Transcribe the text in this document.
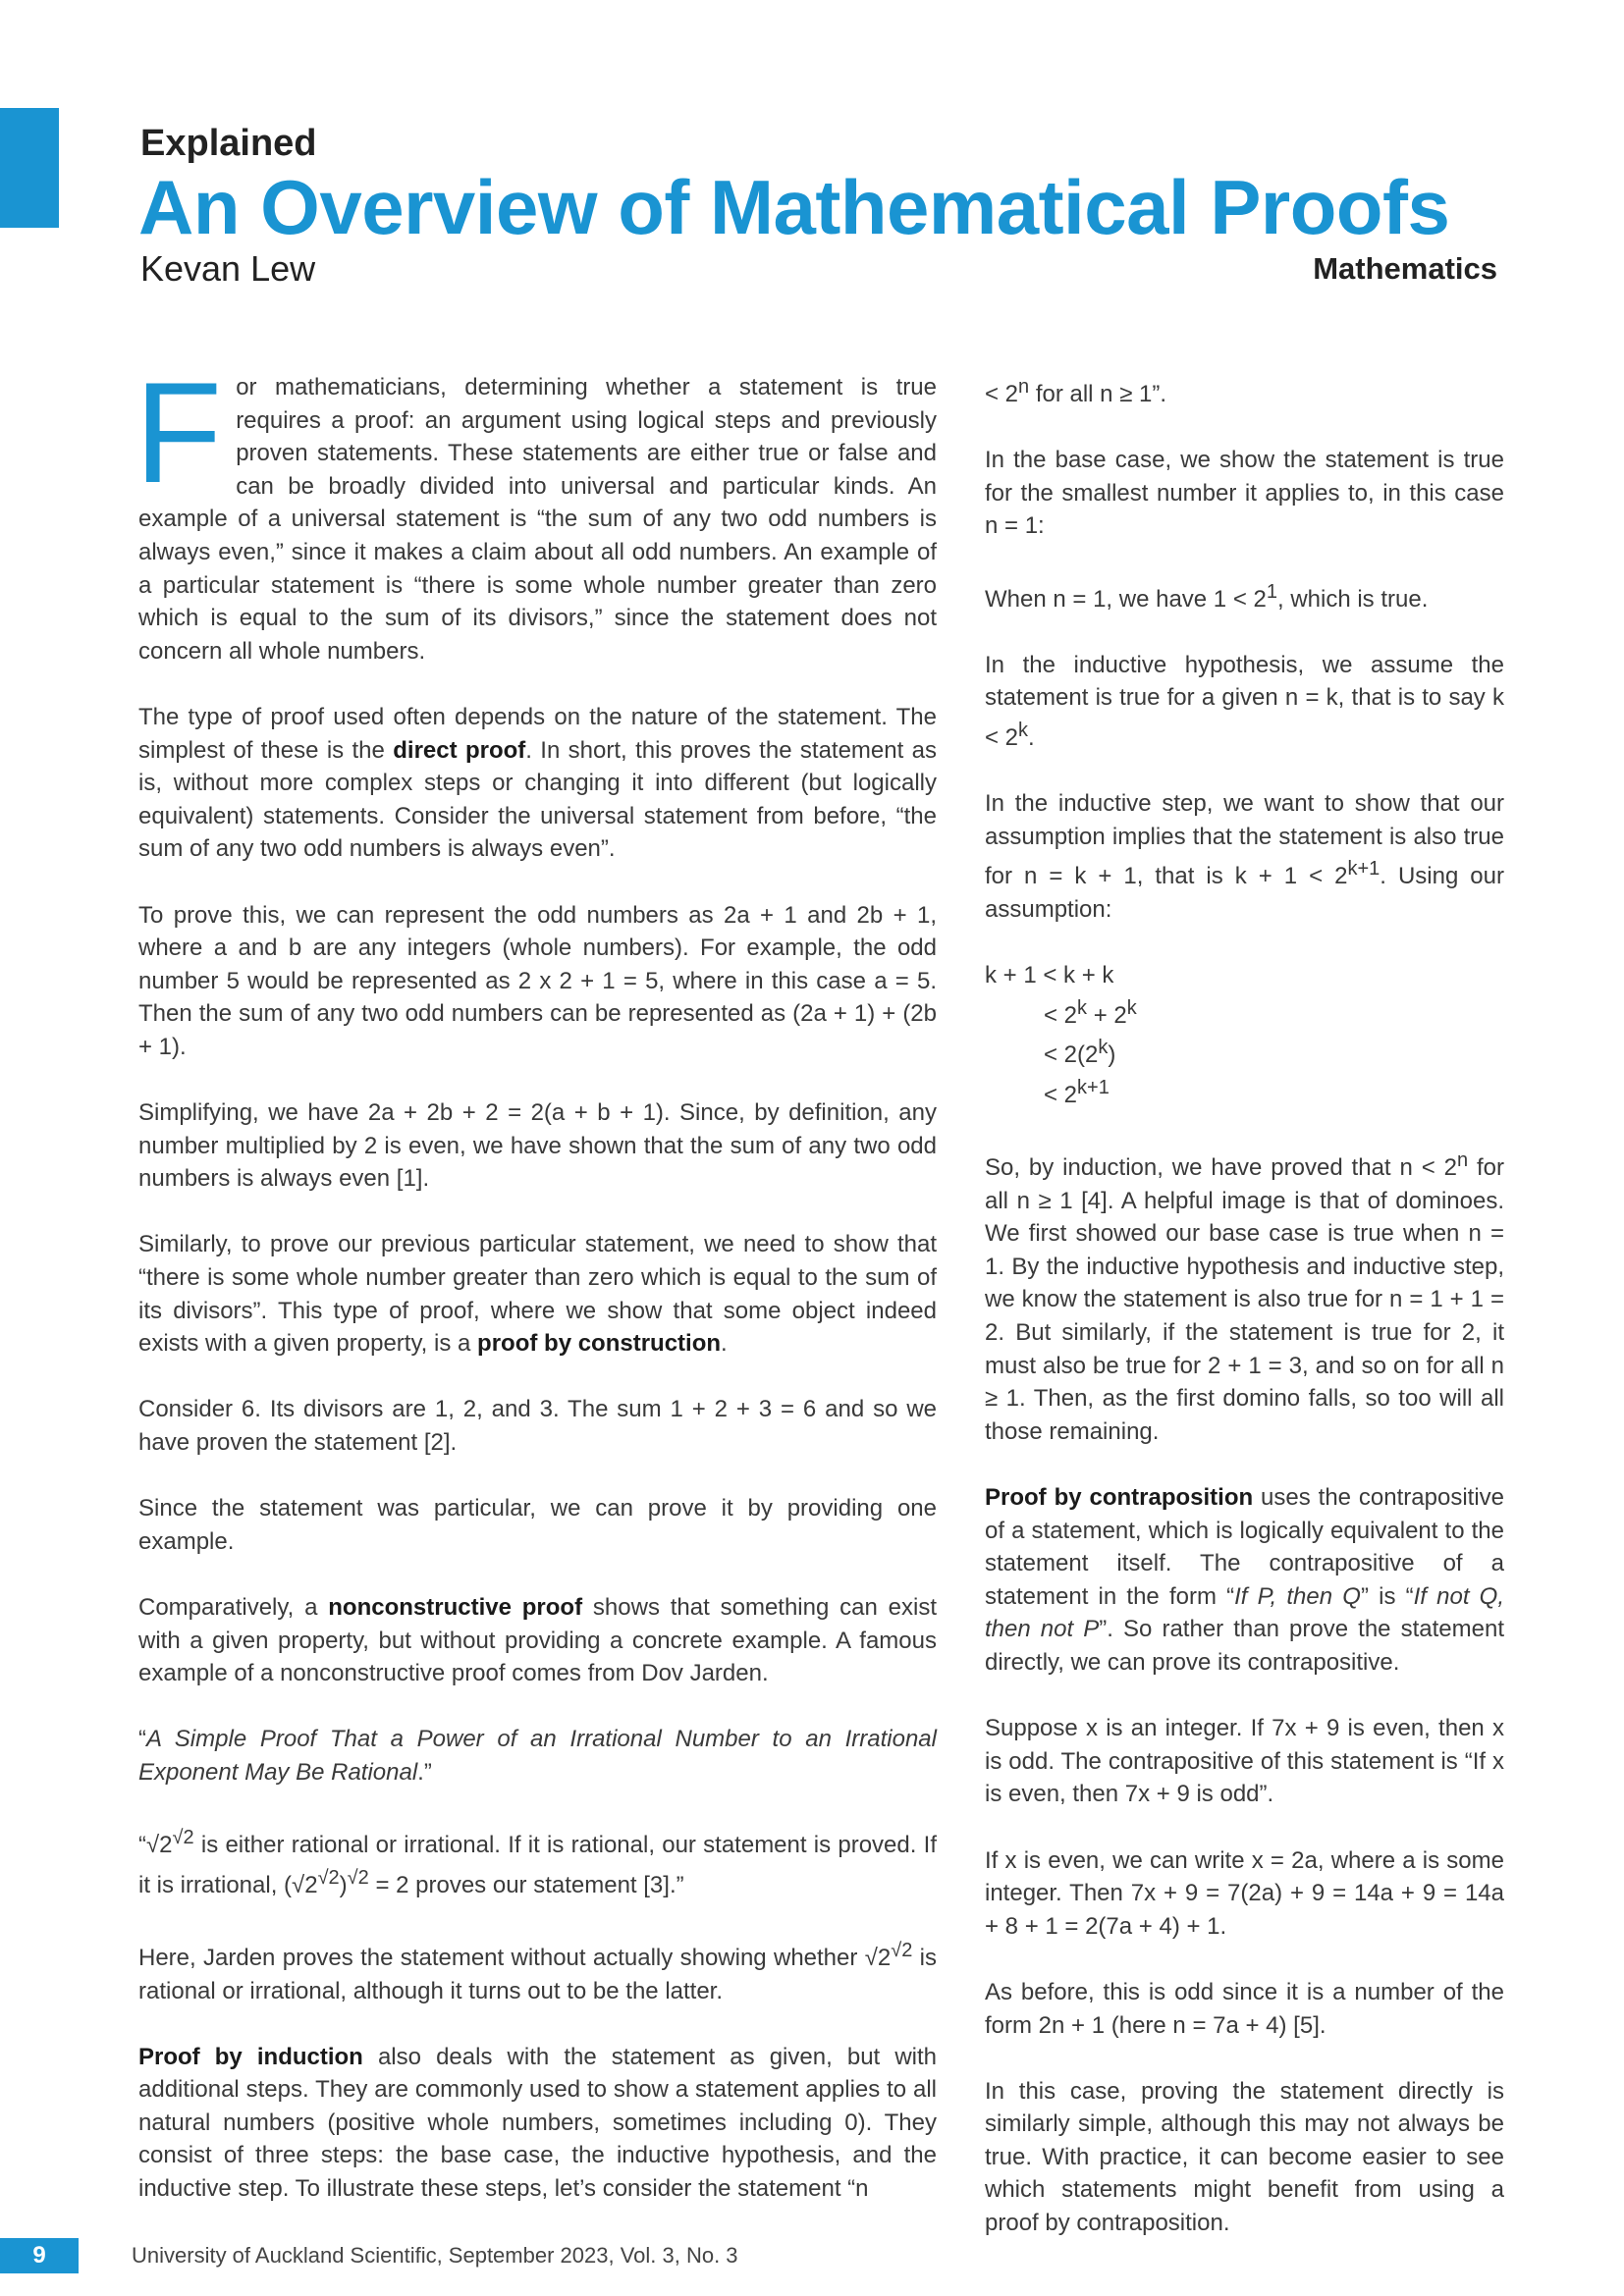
Explained
An Overview of Mathematical Proofs
Kevan Lew	Mathematics

For mathematicians, determining whether a statement is true requires a proof: an argument using logical steps and previously proven statements. These statements are either true or false and can be broadly divided into universal and particular kinds. An example of a universal statement is “the sum of any two odd numbers is always even,” since it makes a claim about all odd numbers. An example of a particular statement is “there is some whole number greater than zero which is equal to the sum of its divisors,” since the statement does not concern all whole numbers.

The type of proof used often depends on the nature of the statement. The simplest of these is the direct proof. In short, this proves the statement as is, without more complex steps or changing it into different (but logically equivalent) statements. Consider the universal statement from before, “the sum of any two odd numbers is always even”.

To prove this, we can represent the odd numbers as 2a + 1 and 2b + 1, where a and b are any integers (whole numbers). For example, the odd number 5 would be represented as 2 x 2 + 1 = 5, where in this case a = 5. Then the sum of any two odd numbers can be represented as (2a + 1) + (2b + 1).

Simplifying, we have 2a + 2b + 2 = 2(a + b + 1). Since, by definition, any number multiplied by 2 is even, we have shown that the sum of any two odd numbers is always even [1].

Similarly, to prove our previous particular statement, we need to show that “there is some whole number greater than zero which is equal to the sum of its divisors”. This type of proof, where we show that some object indeed exists with a given property, is a proof by construction.

Consider 6. Its divisors are 1, 2, and 3. The sum 1 + 2 + 3 = 6 and so we have proven the statement [2].

Since the statement was particular, we can prove it by providing one example.

Comparatively, a nonconstructive proof shows that something can exist with a given property, but without providing a concrete example. A famous example of a nonconstructive proof comes from Dov Jarden.

“A Simple Proof That a Power of an Irrational Number to an Irrational Exponent May Be Rational.”

“$√2^{√2}$ is either rational or irrational. If it is rational, our statement is proved. If it is irrational, $(√2^{√2})^{√2} = 2$ proves our statement [3].”

Here, Jarden proves the statement without actually showing whether $√2^{√2}$ is rational or irrational, although it turns out to be the latter.

Proof by induction also deals with the statement as given, but with additional steps. They are commonly used to show a statement applies to all natural numbers (positive whole numbers, sometimes including 0). They consist of three steps: the base case, the inductive hypothesis, and the inductive step. To illustrate these steps, let’s consider the statement “n

< $2^n$ for all n ≥ 1”.

In the base case, we show the statement is true for the smallest number it applies to, in this case n = 1:

When n = 1, we have $1 < 2^1$, which is true.

In the inductive hypothesis, we assume the statement is true for a given n = k, that is to say $k < 2^k$.

In the inductive step, we want to show that our assumption implies that the statement is also true for n = k + 1, that is $k + 1 < 2^{k+1}$. Using our assumption:

k + 1 < k + k
< $2^k + 2^k$
< $2(2^k)$
< $2^{k+1}$

So, by induction, we have proved that $n < 2^n$ for all n ≥ 1 [4]. A helpful image is that of dominoes. We first showed our base case is true when n = 1. By the inductive hypothesis and inductive step, we know the statement is also true for n = 1 + 1 = 2. But similarly, if the statement is true for 2, it must also be true for 2 + 1 = 3, and so on for all n ≥ 1. Then, as the first domino falls, so too will all those remaining.

Proof by contraposition uses the contrapositive of a statement, which is logically equivalent to the statement itself. The contrapositive of a statement in the form “If P, then Q” is “If not Q, then not P”. So rather than prove the statement directly, we can prove its contrapositive.

Suppose x is an integer. If 7x + 9 is even, then x is odd. The contrapositive of this statement is “If x is even, then 7x + 9 is odd”.

If x is even, we can write x = 2a, where a is some integer. Then 7x + 9 = 7(2a) + 9 = 14a + 9 = 14a + 8 + 1 = 2(7a + 4) + 1.

As before, this is odd since it is a number of the form 2n + 1 (here n = 7a + 4) [5].

In this case, proving the statement directly is similarly simple, although this may not always be true. With practice, it can become easier to see which statements might benefit from using a proof by contraposition.

9	University of Auckland Scientific, September 2023, Vol. 3, No. 3
